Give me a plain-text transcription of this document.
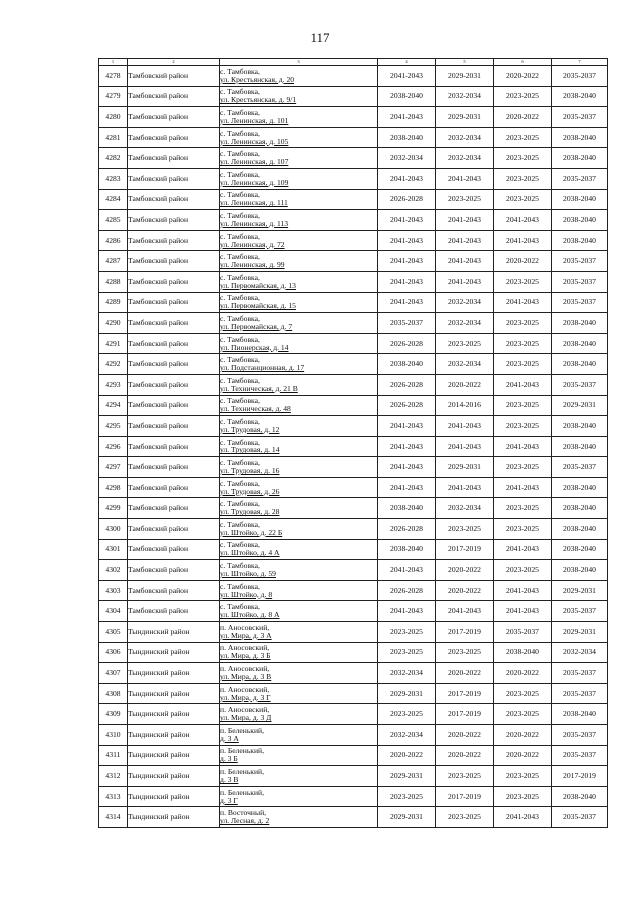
117
1	2	3	4	5	6	7
4278	Тамбовский район	с. Тамбовка,
ул. Крестьянская, д. 20	2041-2043	2029-2031	2020-2022	2035-2037
4279	Тамбовский район	с. Тамбовка,
ул. Крестьянская, д. 9/1	2038-2040	2032-2034	2023-2025	2038-2040
4280	Тамбовский район	с. Тамбовка,
ул. Ленинская, д. 101	2041-2043	2029-2031	2020-2022	2035-2037
4281	Тамбовский район	с. Тамбовка,
ул. Ленинская, д. 105	2038-2040	2032-2034	2023-2025	2038-2040
4282	Тамбовский район	с. Тамбовка,
ул. Ленинская, д. 107	2032-2034	2032-2034	2023-2025	2038-2040
4283	Тамбовский район	с. Тамбовка,
ул. Ленинская, д. 109	2041-2043	2041-2043	2023-2025	2035-2037
4284	Тамбовский район	с. Тамбовка,
ул. Ленинская, д. 111	2026-2028	2023-2025	2023-2025	2038-2040
4285	Тамбовский район	с. Тамбовка,
ул. Ленинская, д. 113	2041-2043	2041-2043	2041-2043	2038-2040
4286	Тамбовский район	с. Тамбовка,
ул. Ленинская, д. 72	2041-2043	2041-2043	2041-2043	2038-2040
4287	Тамбовский район	с. Тамбовка,
ул. Ленинская, д. 99	2041-2043	2041-2043	2020-2022	2035-2037
4288	Тамбовский район	с. Тамбовка,
ул. Первомайская, д. 13	2041-2043	2041-2043	2023-2025	2035-2037
4289	Тамбовский район	с. Тамбовка,
ул. Первомайская, д. 15	2041-2043	2032-2034	2041-2043	2035-2037
4290	Тамбовский район	с. Тамбовка,
ул. Первомайская, д. 7	2035-2037	2032-2034	2023-2025	2038-2040
4291	Тамбовский район	с. Тамбовка,
ул. Пионерская, д. 14	2026-2028	2023-2025	2023-2025	2038-2040
4292	Тамбовский район	с. Тамбовка,
ул. Подстанционная, д. 17	2038-2040	2032-2034	2023-2025	2038-2040
4293	Тамбовский район	с. Тамбовка,
ул. Техническая, д. 21 В	2026-2028	2020-2022	2041-2043	2035-2037
4294	Тамбовский район	с. Тамбовка,
ул. Техническая, д. 48	2026-2028	2014-2016	2023-2025	2029-2031
4295	Тамбовский район	с. Тамбовка,
ул. Трудовая, д. 12	2041-2043	2041-2043	2023-2025	2038-2040
4296	Тамбовский район	с. Тамбовка,
ул. Трудовая, д. 14	2041-2043	2041-2043	2041-2043	2038-2040
4297	Тамбовский район	с. Тамбовка,
ул. Трудовая, д. 16	2041-2043	2029-2031	2023-2025	2035-2037
4298	Тамбовский район	с. Тамбовка,
ул. Трудовая, д. 26	2041-2043	2041-2043	2041-2043	2038-2040
4299	Тамбовский район	с. Тамбовка,
ул. Трудовая, д. 28	2038-2040	2032-2034	2023-2025	2038-2040
4300	Тамбовский район	с. Тамбовка,
ул. Штойко, д. 22 Б	2026-2028	2023-2025	2023-2025	2038-2040
4301	Тамбовский район	с. Тамбовка,
ул. Штойко, д. 4 А	2038-2040	2017-2019	2041-2043	2038-2040
4302	Тамбовский район	с. Тамбовка,
ул. Штойко, д. 59	2041-2043	2020-2022	2023-2025	2038-2040
4303	Тамбовский район	с. Тамбовка,
ул. Штойко, д. 8	2026-2028	2020-2022	2041-2043	2029-2031
4304	Тамбовский район	с. Тамбовка,
ул. Штойко, д. 8 А	2041-2043	2041-2043	2041-2043	2035-2037
4305	Тындинский район	п. Аносовский,
ул. Мира, д. 3 А	2023-2025	2017-2019	2035-2037	2029-2031
4306	Тындинский район	п. Аносовский,
ул. Мира, д. 3 Б	2023-2025	2023-2025	2038-2040	2032-2034
4307	Тындинский район	п. Аносовский,
ул. Мира, д. 3 В	2032-2034	2020-2022	2020-2022	2035-2037
4308	Тындинский район	п. Аносовский,
ул. Мира, д. 3 Г	2029-2031	2017-2019	2023-2025	2035-2037
4309	Тындинский район	п. Аносовский,
ул. Мира, д. 3 Д	2023-2025	2017-2019	2023-2025	2038-2040
4310	Тындинский район	п. Беленький,
д. 3 А	2032-2034	2020-2022	2020-2022	2035-2037
4311	Тындинский район	п. Беленький,
д. 3 Б	2020-2022	2020-2022	2020-2022	2035-2037
4312	Тындинский район	п. Беленький,
д. 3 В	2029-2031	2023-2025	2023-2025	2017-2019
4313	Тындинский район	п. Беленький,
д. 3 Г	2023-2025	2017-2019	2023-2025	2038-2040
4314	Тындинский район	п. Восточный,
ул. Лесная, д. 2	2029-2031	2023-2025	2041-2043	2035-2037
